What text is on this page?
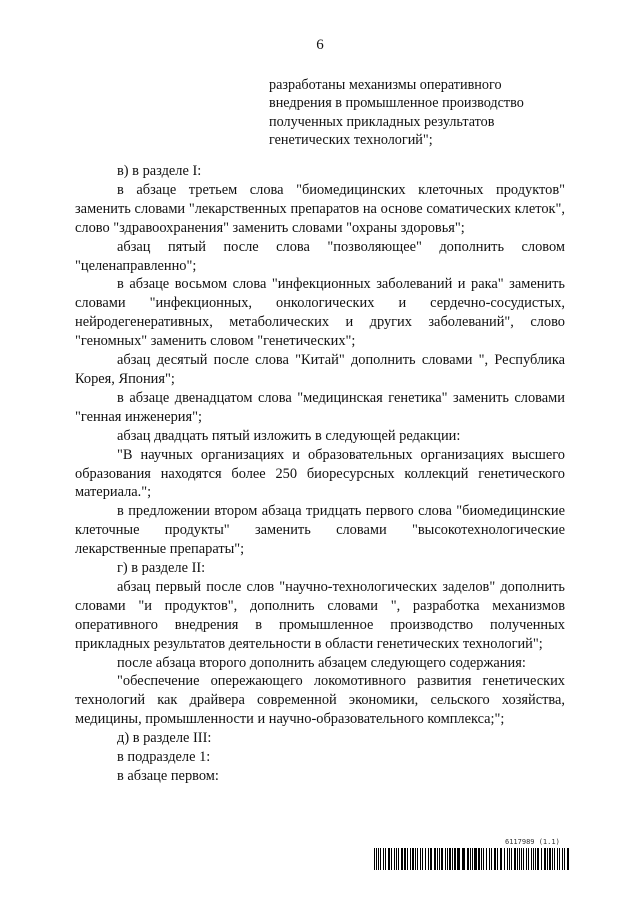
6
разработаны механизмы оперативного
внедрения в промышленное производство
полученных прикладных результатов
генетических технологий";

в) в разделе I:

в абзаце третьем слова "биомедицинских клеточных продуктов" заменить словами "лекарственных препаратов на основе соматических клеток", слово "здравоохранения" заменить словами "охраны здоровья";

абзац пятый после слова "позволяющее" дополнить словом "целенаправленно";

в абзаце восьмом слова "инфекционных заболеваний и рака" заменить словами "инфекционных, онкологических и сердечно-сосудистых, нейродегенеративных, метаболических и других заболеваний", слово "геномных" заменить словом "генетических";

абзац десятый после слова "Китай" дополнить словами ", Республика Корея, Япония";

в абзаце двенадцатом слова "медицинская генетика" заменить словами "генная инженерия";

абзац двадцать пятый изложить в следующей редакции:

"В научных организациях и образовательных организациях высшего образования находятся более 250 биоресурсных коллекций генетического материала.";

в предложении втором абзаца тридцать первого слова "биомедицинские клеточные продукты" заменить словами "высокотехнологические лекарственные препараты";

г) в разделе II:

абзац первый после слов "научно-технологических заделов" дополнить словами "и продуктов", дополнить словами ", разработка механизмов оперативного внедрения в промышленное производство полученных прикладных результатов деятельности в области генетических технологий";

после абзаца второго дополнить абзацем следующего содержания:

"обеспечение опережающего локомотивного развития генетических технологий как драйвера современной экономики, сельского хозяйства, медицины, промышленности и научно-образовательного комплекса;";

д) в разделе III:

в подразделе 1:

в абзаце первом:

6117989 (1.1)
